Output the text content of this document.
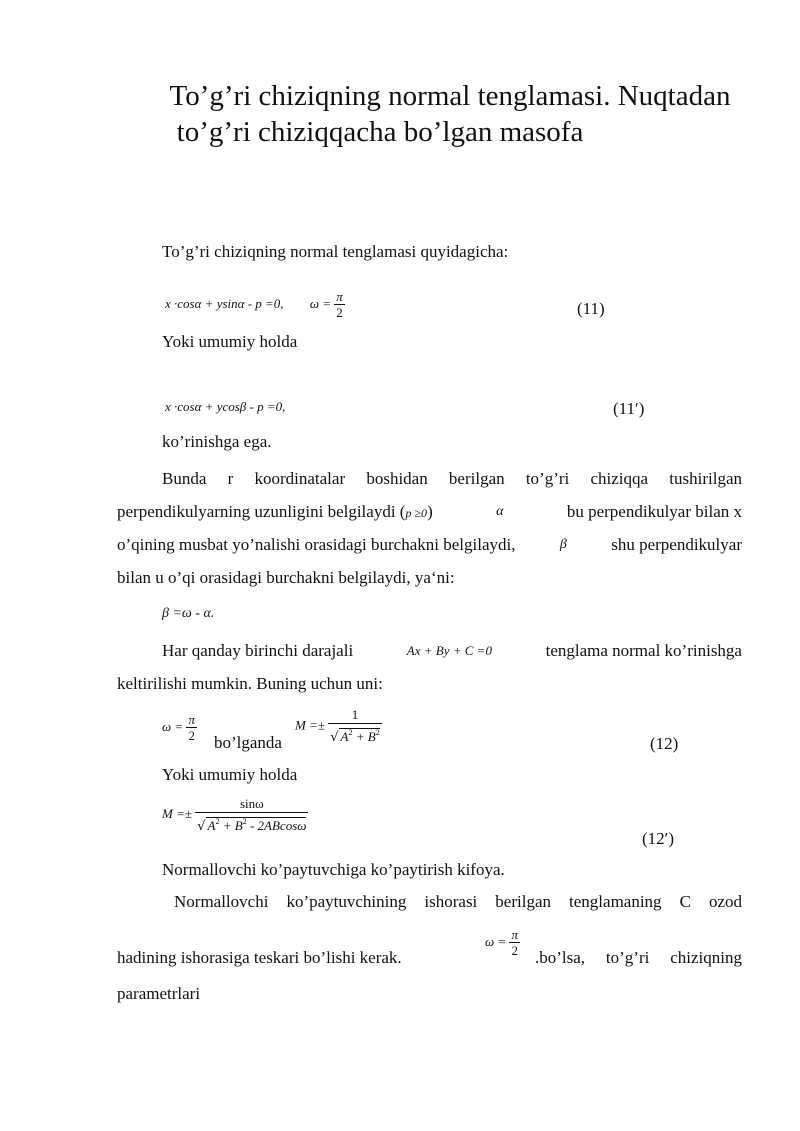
To’g’ri chiziqning normal tenglamasi. Nuqtadan
to’g’ri chiziqqacha bo’lgan masofa
To’g’ri chiziqning normal tenglamasi quyidagicha:
x ·cosα + ysinα - p =0, $\omega = \frac{\pi}{2}$	(11)
Yoki umumiy holda
x ·cosα + ycosβ - p =0,	(11′)
ko’rinishga ega.
Bunda r koordinatalar boshidan berilgan to’g’ri chiziqqa tushirilgan
perpendikulyarning uzunligini belgilaydi (p ≥0)	α	bu perpendikulyar bilan x
o’qining musbat yo’nalishi orasidagi burchakni belgilaydi,	β	shu perpendikulyar
bilan u o’qi orasidagi burchakni belgilaydi, ya‘ni:
β =ω - α.
Har qanday birinchi darajali	Ax + By + C =0	tenglama normal ko’rinishga
keltirilishi mumkin. Buning uchun uni:
$\omega = \frac{\pi}{2}$ bo’lganda
$M =\pm \frac{1}{√ A^2 + B^2}$	(12)
Yoki umumiy holda
$M =\pm \frac{\sin\omega}{√ A^2 + B^2 - 2ABcos\omega}$
(12′)
Normallovchi ko’paytuvchiga ko’paytirish kifoya.
Normallovchi ko’paytuvchining ishorasi berilgan tenglamaning C ozod
hadining ishorasiga teskari bo’lishi kerak.
$\omega = \frac{\pi}{2}$ .bo’lsa, to’g’ri chiziqning
parametrlari
